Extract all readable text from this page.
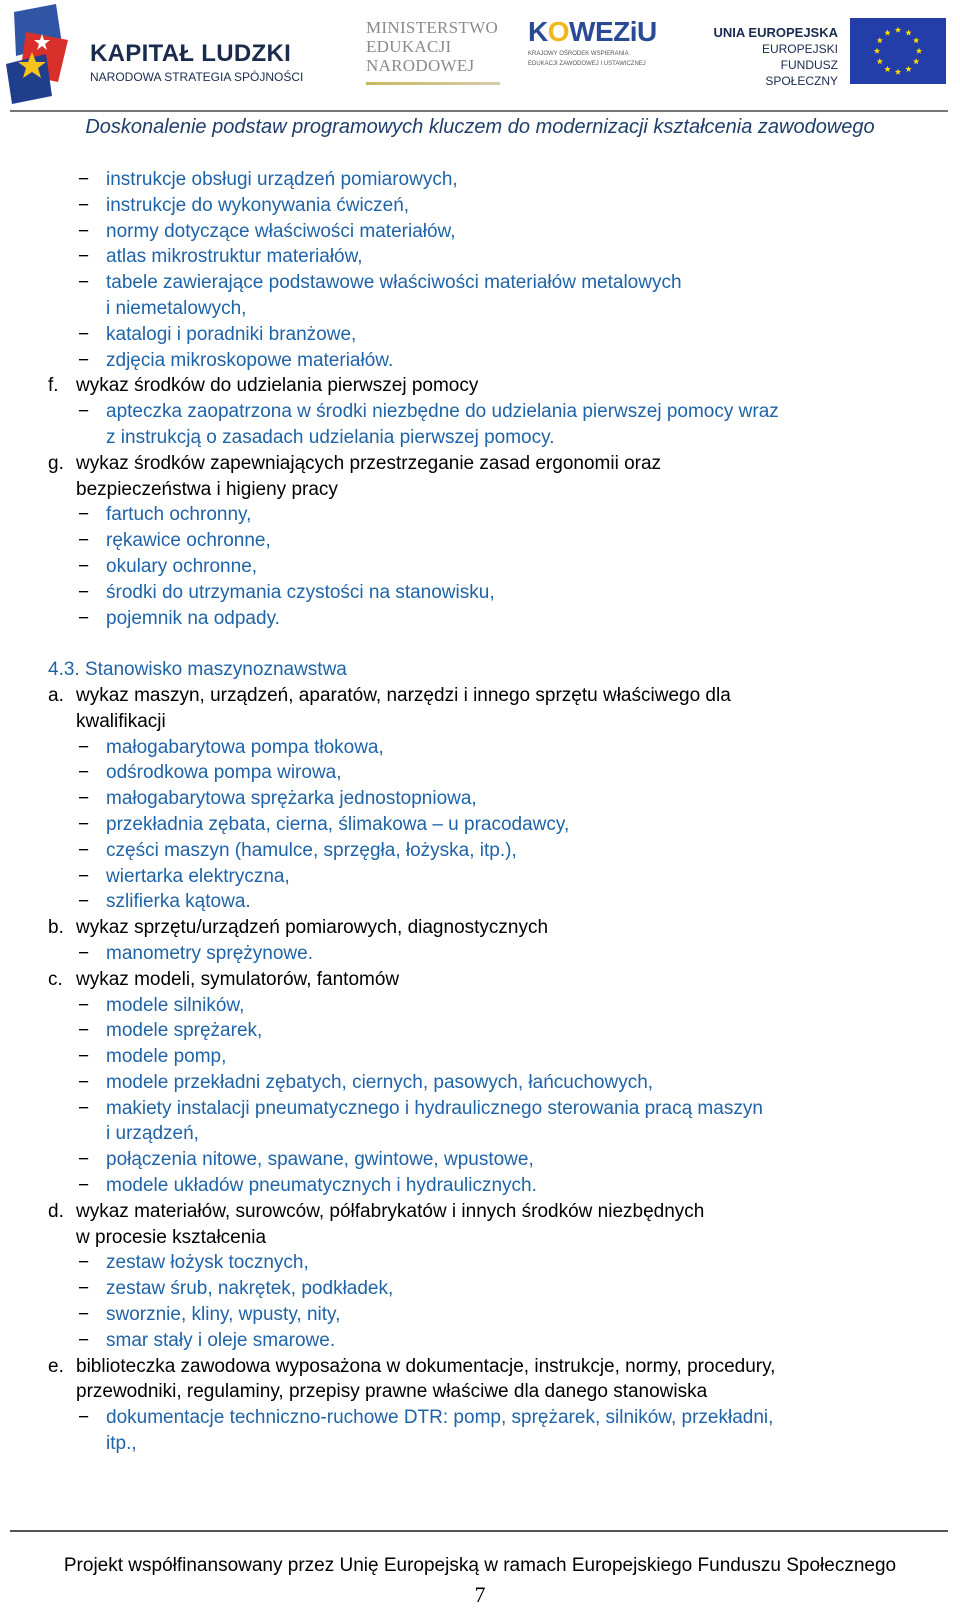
KAPITAŁ LUDZKI
NARODOWA STRATEGIA SPÓJNOŚCI
MINISTERSTWO
EDUKACJI
NARODOWEJ
KOWEZiU
KRAJOWY OŚRODEK WSPIERANIA
EDUKACJI ZAWODOWEJ I USTAWICZNEJ
UNIA EUROPEJSKA
EUROPEJSKI
FUNDUSZ SPOŁECZNY
Doskonalenie podstaw programowych kluczem do modernizacji kształcenia zawodowego
− instrukcje obsługi urządzeń pomiarowych,
− instrukcje do wykonywania ćwiczeń,
− normy dotyczące właściwości materiałów,
− atlas mikrostruktur materiałów,
− tabele zawierające podstawowe właściwości materiałów metalowych
i niemetalowych,
− katalogi i poradniki branżowe,
− zdjęcia mikroskopowe materiałów.
f. wykaz środków do udzielania pierwszej pomocy
− apteczka zaopatrzona w środki niezbędne do udzielania pierwszej pomocy wraz
z instrukcją o zasadach udzielania pierwszej pomocy.
g. wykaz środków zapewniających przestrzeganie zasad ergonomii oraz
bezpieczeństwa i higieny pracy
− fartuch ochronny,
− rękawice ochronne,
− okulary ochronne,
− środki do utrzymania czystości na stanowisku,
− pojemnik na odpady.
4.3. Stanowisko maszynoznawstwa
a. wykaz maszyn, urządzeń, aparatów, narzędzi i innego sprzętu właściwego dla
kwalifikacji
− małogabarytowa pompa tłokowa,
− odśrodkowa pompa wirowa,
− małogabarytowa sprężarka jednostopniowa,
− przekładnia zębata, cierna, ślimakowa – u pracodawcy,
− części maszyn (hamulce, sprzęgła, łożyska, itp.),
− wiertarka elektryczna,
− szlifierka kątowa.
b. wykaz sprzętu/urządzeń pomiarowych, diagnostycznych
− manometry sprężynowe.
c. wykaz modeli, symulatorów, fantomów
− modele silników,
− modele sprężarek,
− modele pomp,
− modele przekładni zębatych, ciernych, pasowych, łańcuchowych,
− makiety instalacji pneumatycznego i hydraulicznego sterowania pracą maszyn
i urządzeń,
− połączenia nitowe, spawane, gwintowe, wpustowe,
− modele układów pneumatycznych i hydraulicznych.
d. wykaz materiałów, surowców, półfabrykatów i innych środków niezbędnych
w procesie kształcenia
− zestaw łożysk tocznych,
− zestaw śrub, nakrętek, podkładek,
− sworznie, kliny, wpusty, nity,
− smar stały i oleje smarowe.
e. biblioteczka zawodowa wyposażona w dokumentacje, instrukcje, normy, procedury,
przewodniki, regulaminy, przepisy prawne właściwe dla danego stanowiska
− dokumentacje techniczno-ruchowe DTR: pomp, sprężarek, silników, przekładni,
itp.,
Projekt współfinansowany przez Unię Europejską w ramach Europejskiego Funduszu Społecznego
7
